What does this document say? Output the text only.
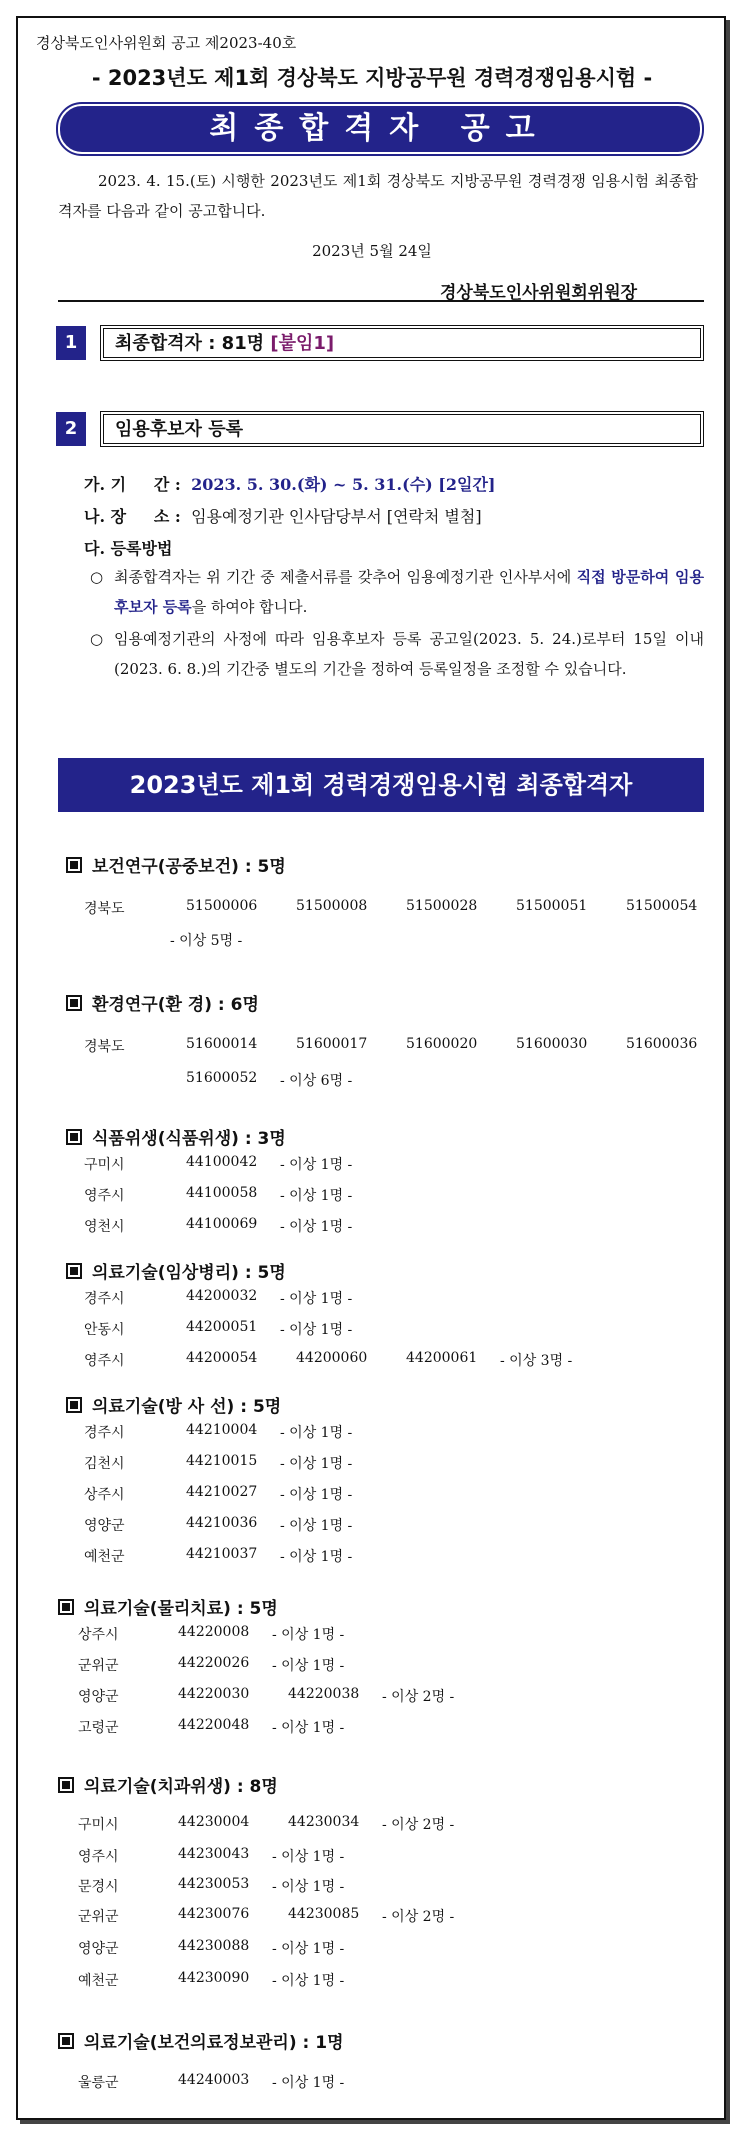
경상북도인사위원회 공고 제2023-40호
- 2023년도 제1회 경상북도 지방공무원 경력경쟁임용시험 -
최종합격자 공고
2023. 4. 15.(토) 시행한 2023년도 제1회 경상북도 지방공무원 경력경쟁 임용시험 최종합격자를 다음과 같이 공고합니다.
2023년 5월 24일
경상북도인사위원회위원장
1	최종합격자 : 81명 [붙임1]
2	임용후보자 등록
가. 기     간 : 2023. 5. 30.(화) ~ 5. 31.(수) [2일간]
나. 장     소 : 임용예정기관 인사담당부서 [연락처 별첨]
다. 등록방법
○ 최종합격자는 위 기간 중 제출서류를 갖추어 임용예정기관 인사부서에 직접 방문하여 임용후보자 등록을 하여야 합니다.
○ 임용예정기관의 사정에 따라 임용후보자 등록 공고일(2023. 5. 24.)로부터 15일 이내(2023. 6. 8.)의 기간중 별도의 기간을 정하여 등록일정을 조정할 수 있습니다.
2023년도 제1회 경력경쟁임용시험 최종합격자
보건연구(공중보건) : 5명
경북도	51500006	51500008	51500028	51500051	51500054
- 이상 5명 -
환경연구(환 경) : 6명
경북도	51600014	51600017	51600020	51600030	51600036
51600052 - 이상 6명 -
식품위생(식품위생) : 3명
구미시	44100042 - 이상 1명 -
영주시	44100058 - 이상 1명 -
영천시	44100069 - 이상 1명 -
의료기술(임상병리) : 5명
경주시	44200032 - 이상 1명 -
안동시	44200051 - 이상 1명 -
영주시	44200054	44200060	44200061 - 이상 3명 -
의료기술(방 사 선) : 5명
경주시	44210004 - 이상 1명 -
김천시	44210015 - 이상 1명 -
상주시	44210027 - 이상 1명 -
영양군	44210036 - 이상 1명 -
예천군	44210037 - 이상 1명 -
의료기술(물리치료) : 5명
상주시	44220008 - 이상 1명 -
군위군	44220026 - 이상 1명 -
영양군	44220030	44220038 - 이상 2명 -
고령군	44220048 - 이상 1명 -
의료기술(치과위생) : 8명
구미시	44230004	44230034 - 이상 2명 -
영주시	44230043 - 이상 1명 -
문경시	44230053 - 이상 1명 -
군위군	44230076	44230085 - 이상 2명 -
영양군	44230088 - 이상 1명 -
예천군	44230090 - 이상 1명 -
의료기술(보건의료정보관리) : 1명
울릉군	44240003 - 이상 1명 -
